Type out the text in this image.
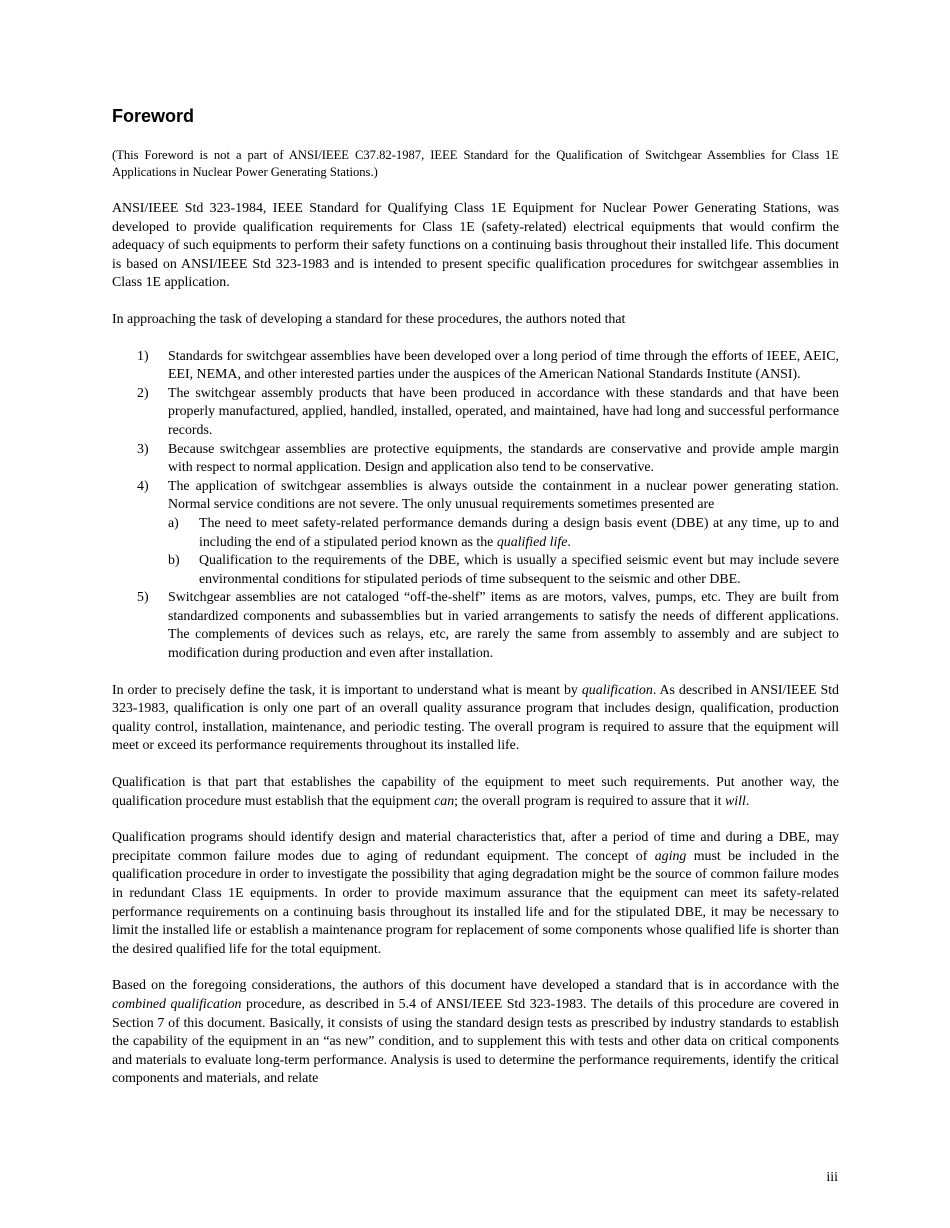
Foreword
(This Foreword is not a part of ANSI/IEEE C37.82-1987, IEEE Standard for the Qualification of Switchgear Assemblies for Class 1E Applications in Nuclear Power Generating Stations.)

ANSI/IEEE Std 323-1984, IEEE Standard for Qualifying Class 1E Equipment for Nuclear Power Generating Stations, was developed to provide qualification requirements for Class 1E (safety-related) electrical equipments that would confirm the adequacy of such equipments to perform their safety functions on a continuing basis throughout their installed life. This document is based on ANSI/IEEE Std 323-1983 and is intended to present specific qualification procedures for switchgear assemblies in Class 1E application.

In approaching the task of developing a standard for these procedures, the authors noted that

1) Standards for switchgear assemblies have been developed over a long period of time through the efforts of IEEE, AEIC, EEI, NEMA, and other interested parties under the auspices of the American National Standards Institute (ANSI).
2) The switchgear assembly products that have been produced in accordance with these standards and that have been properly manufactured, applied, handled, installed, operated, and maintained, have had long and successful performance records.
3) Because switchgear assemblies are protective equipments, the standards are conservative and provide ample margin with respect to normal application. Design and application also tend to be conservative.
4) The application of switchgear assemblies is always outside the containment in a nuclear power generating station. Normal service conditions are not severe. The only unusual requirements sometimes presented are
a) The need to meet safety-related performance demands during a design basis event (DBE) at any time, up to and including the end of a stipulated period known as the qualified life.
b) Qualification to the requirements of the DBE, which is usually a specified seismic event but may include severe environmental conditions for stipulated periods of time subsequent to the seismic and other DBE.
5) Switchgear assemblies are not cataloged “off-the-shelf” items as are motors, valves, pumps, etc. They are built from standardized components and subassemblies but in varied arrangements to satisfy the needs of different applications. The complements of devices such as relays, etc, are rarely the same from assembly to assembly and are subject to modification during production and even after installation.

In order to precisely define the task, it is important to understand what is meant by qualification. As described in ANSI/IEEE Std 323-1983, qualification is only one part of an overall quality assurance program that includes design, qualification, production quality control, installation, maintenance, and periodic testing. The overall program is required to assure that the equipment will meet or exceed its performance requirements throughout its installed life.

Qualification is that part that establishes the capability of the equipment to meet such requirements. Put another way, the qualification procedure must establish that the equipment can; the overall program is required to assure that it will.

Qualification programs should identify design and material characteristics that, after a period of time and during a DBE, may precipitate common failure modes due to aging of redundant equipment. The concept of aging must be included in the qualification procedure in order to investigate the possibility that aging degradation might be the source of common failure modes in redundant Class 1E equipments. In order to provide maximum assurance that the equipment can meet its safety-related performance requirements on a continuing basis throughout its installed life and for the stipulated DBE, it may be necessary to limit the installed life or establish a maintenance program for replacement of some components whose qualified life is shorter than the desired qualified life for the total equipment.

Based on the foregoing considerations, the authors of this document have developed a standard that is in accordance with the combined qualification procedure, as described in 5.4 of ANSI/IEEE Std 323-1983. The details of this procedure are covered in Section 7 of this document. Basically, it consists of using the standard design tests as prescribed by industry standards to establish the capability of the equipment in an “as new” condition, and to supplement this with tests and other data on critical components and materials to evaluate long-term performance. Analysis is used to determine the performance requirements, identify the critical components and materials, and relate

iii
